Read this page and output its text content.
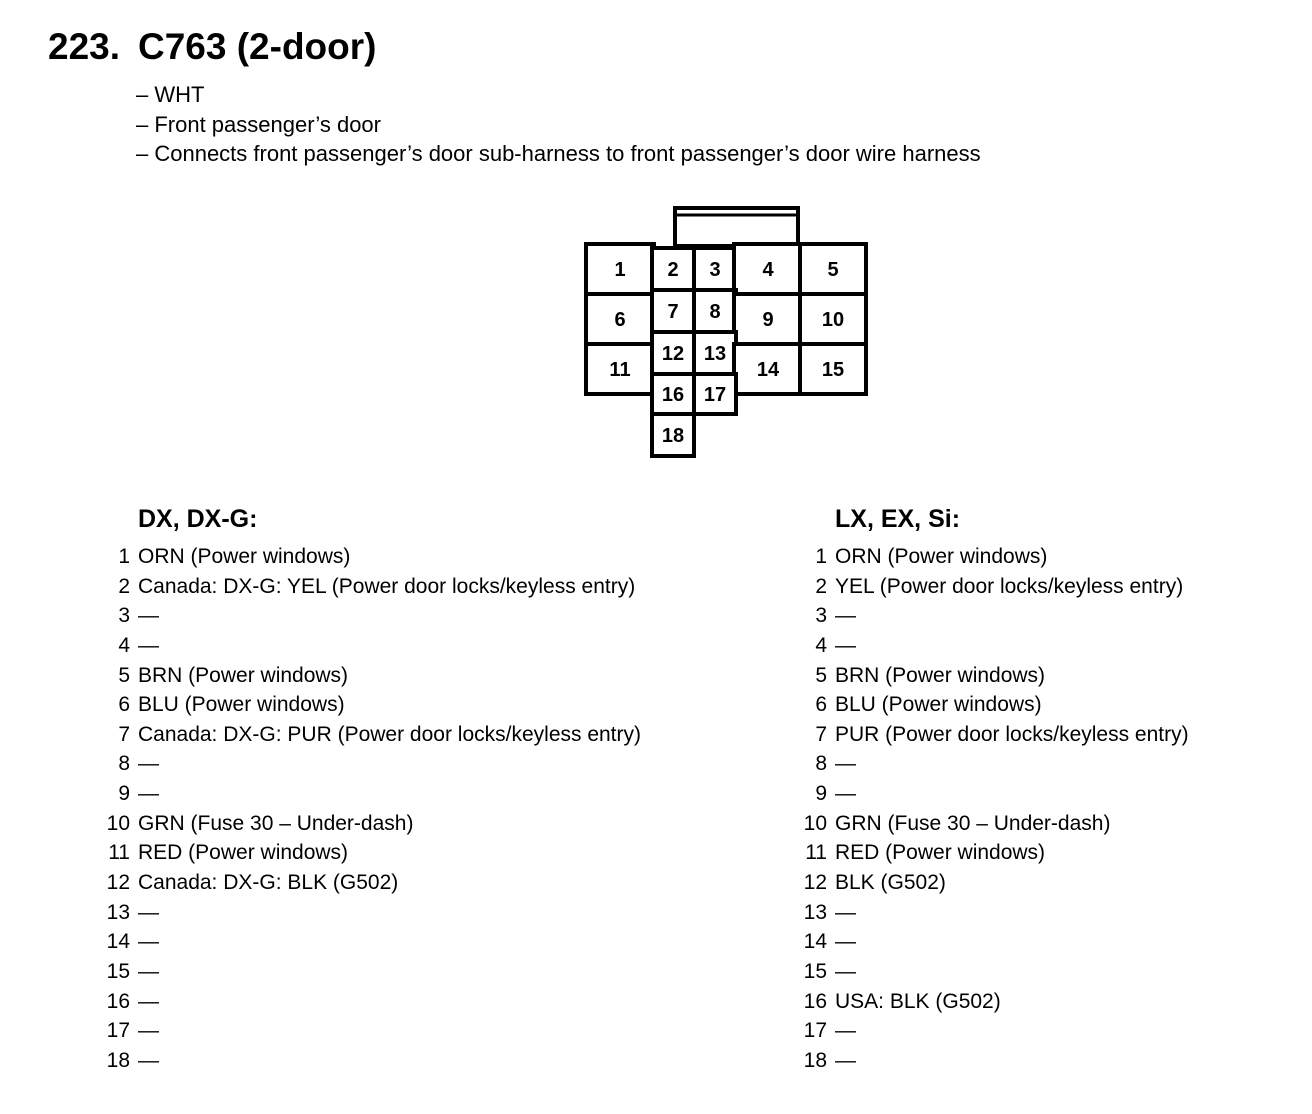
223. C763 (2-door)
– WHT
– Front passenger’s door
– Connects front passenger’s door sub-harness to front passenger’s door wire harness
1 2 3 4	5
6 7 8 9 10
11
12 13
14 15
16 17
18
DX, DX-G:
1 ORN (Power windows)
2 Canada: DX-G: YEL (Power door locks/keyless entry)
3 —
4 —
5 BRN (Power windows)
6 BLU (Power windows)
7 Canada: DX-G: PUR (Power door locks/keyless entry)
8 —
9 —
10 GRN (Fuse 30 – Under-dash)
11 RED (Power windows)
12 Canada: DX-G: BLK (G502)
13 —
14 —
15 —
16 —
17 —
18 —
LX, EX, Si:
1 ORN (Power windows)
2 YEL (Power door locks/keyless entry)
3 —
4 —
5 BRN (Power windows)
6 BLU (Power windows)
7 PUR (Power door locks/keyless entry)
8 —
9 —
10 GRN (Fuse 30 – Under-dash)
11 RED (Power windows)
12 BLK (G502)
13 —
14 —
15 —
16 USA: BLK (G502)
17 —
18 —
